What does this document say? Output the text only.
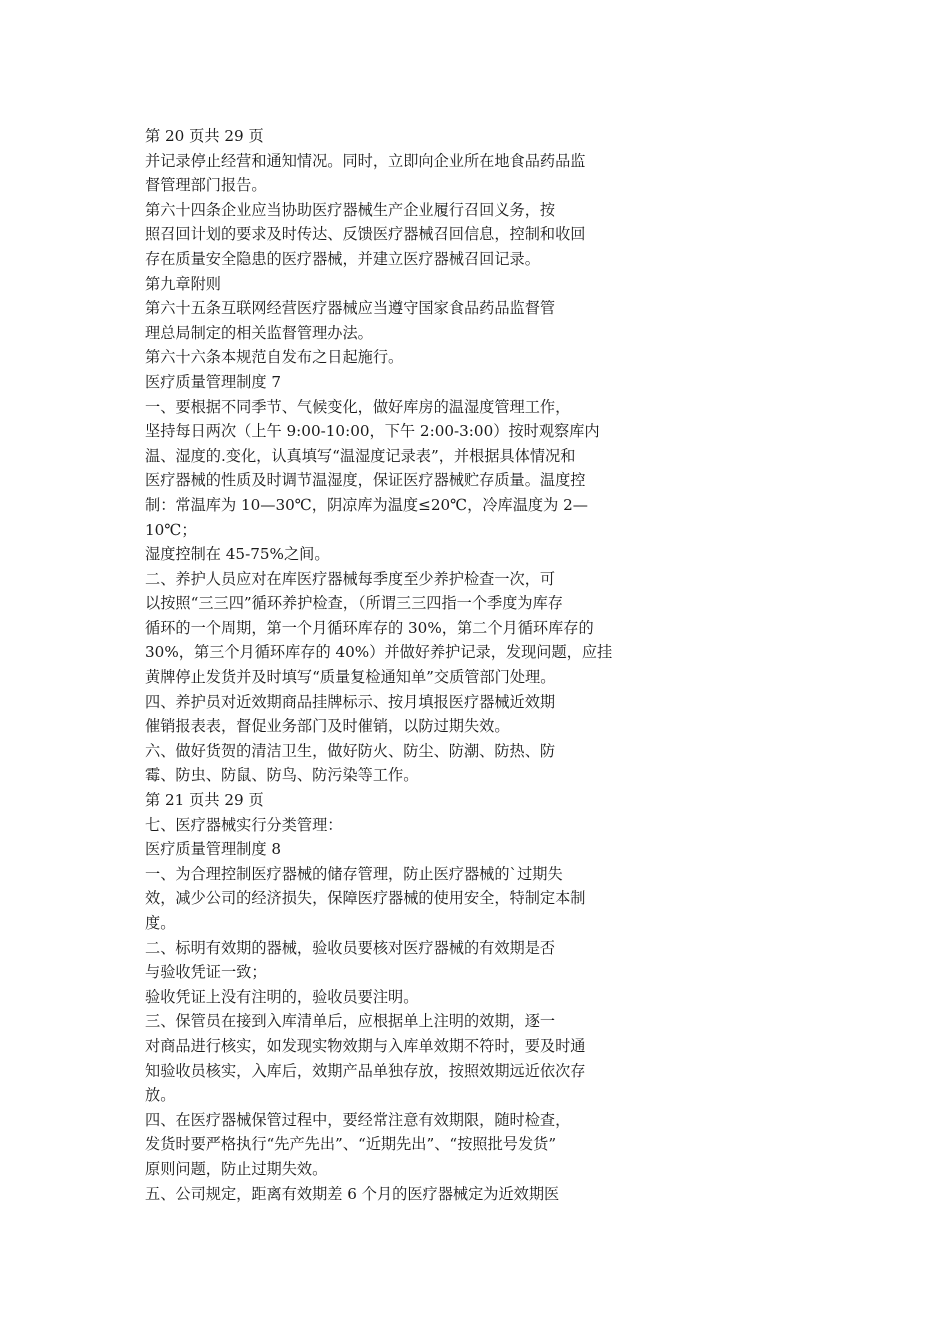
第 20 页共 29 页
并记录停止经营和通知情况。同时，立即向企业所在地食品药品监
督管理部门报告。
第六十四条企业应当协助医疗器械生产企业履行召回义务，按
照召回计划的要求及时传达、反馈医疗器械召回信息，控制和收回
存在质量安全隐患的医疗器械，并建立医疗器械召回记录。
第九章附则
第六十五条互联网经营医疗器械应当遵守国家食品药品监督管
理总局制定的相关监督管理办法。
第六十六条本规范自发布之日起施行。
医疗质量管理制度 7
一、要根据不同季节、气候变化，做好库房的温湿度管理工作，
坚持每日两次（上午 9:00-10:00，下午 2:00-3:00）按时观察库内
温、湿度的.变化，认真填写“温湿度记录表”，并根据具体情况和
医疗器械的性质及时调节温湿度，保证医疗器械贮存质量。温度控
制：常温库为 10—30℃，阴凉库为温度≤20℃，冷库温度为 2—
10℃；
湿度控制在 45-75%之间。
二、养护人员应对在库医疗器械每季度至少养护检查一次，可
以按照“三三四”循环养护检查，（所谓三三四指一个季度为库存
循环的一个周期，第一个月循环库存的 30%，第二个月循环库存的
30%，第三个月循环库存的 40%）并做好养护记录，发现问题，应挂
黄牌停止发货并及时填写“质量复检通知单”交质管部门处理。
四、养护员对近效期商品挂牌标示、按月填报医疗器械近效期
催销报表表，督促业务部门及时催销，以防过期失效。
六、做好货贺的清洁卫生，做好防火、防尘、防潮、防热、防
霉、防虫、防鼠、防鸟、防污染等工作。
第 21 页共 29 页
七、医疗器械实行分类管理：
医疗质量管理制度 8
一、为合理控制医疗器械的储存管理，防止医疗器械的`过期失
效，减少公司的经济损失，保障医疗器械的使用安全，特制定本制
度。
二、标明有效期的器械，验收员要核对医疗器械的有效期是否
与验收凭证一致；
验收凭证上没有注明的，验收员要注明。
三、保管员在接到入库清单后，应根据单上注明的效期，逐一
对商品进行核实，如发现实物效期与入库单效期不符时，要及时通
知验收员核实，入库后，效期产品单独存放，按照效期远近依次存
放。
四、在医疗器械保管过程中，要经常注意有效期限，随时检查，
发货时要严格执行“先产先出”、“近期先出”、“按照批号发货”
原则问题，防止过期失效。
五、公司规定，距离有效期差 6 个月的医疗器械定为近效期医
